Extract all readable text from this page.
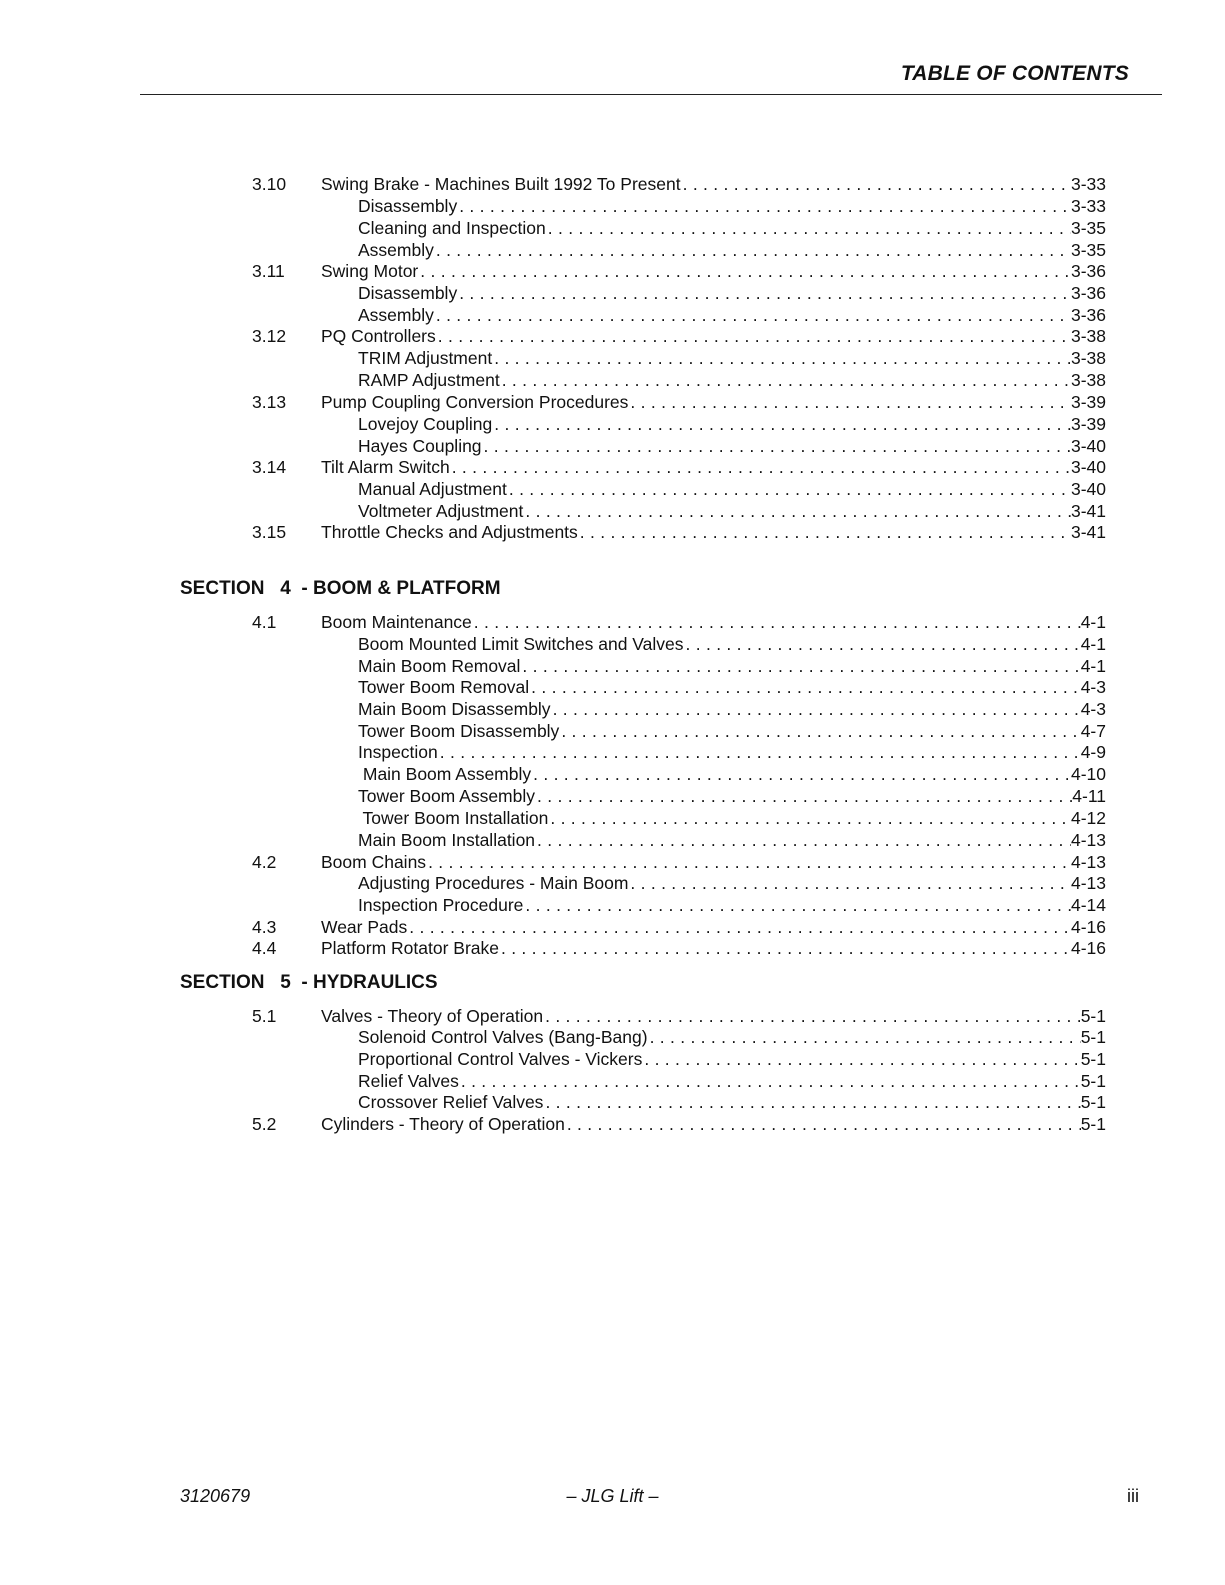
TABLE OF CONTENTS
3.10 Swing Brake - Machines Built 1992 To Present . . .	3-33
Disassembly . . .	3-33
Cleaning and Inspection . . .	3-35
Assembly . . .	3-35
3.11 Swing Motor . . .	3-36
Disassembly . . .	3-36
Assembly . . .	3-36
3.12 PQ Controllers . . .	3-38
TRIM Adjustment . . .	3-38
RAMP Adjustment . . .	3-38
3.13 Pump Coupling Conversion Procedures . . .	3-39
Lovejoy Coupling . . .	3-39
Hayes Coupling . . .	3-40
3.14 Tilt Alarm Switch . . .	3-40
Manual Adjustment . . .	3-40
Voltmeter Adjustment . . .	3-41
3.15 Throttle Checks and Adjustments . . .	3-41
SECTION   4  - BOOM & PLATFORM
4.1	Boom Maintenance . . .	4-1
Boom Mounted Limit Switches and Valves . . .	4-1
Main Boom Removal . . .	4-1
Tower Boom Removal . . .	4-3
Main Boom Disassembly . . .	4-3
Tower Boom Disassembly . . .	4-7
Inspection . . .	4-9
Main Boom Assembly . . .	4-10
Tower Boom Assembly . . .	4-11
Tower Boom Installation . . .	4-12
Main Boom Installation . . .	4-13
4.2	Boom Chains . . .	4-13
Adjusting Procedures - Main Boom . . .	4-13
Inspection Procedure . . .	4-14
4.3	Wear Pads . . .	4-16
4.4	Platform Rotator Brake . . .	4-16
SECTION   5  - HYDRAULICS
5.1	Valves - Theory of Operation . . .	5-1
Solenoid Control Valves (Bang-Bang) . . .	5-1
Proportional Control Valves - Vickers . . .	5-1
Relief Valves . . .	5-1
Crossover Relief Valves . . .	5-1
5.2	Cylinders - Theory of Operation . . .	5-1
3120679	– JLG Lift –	iii
